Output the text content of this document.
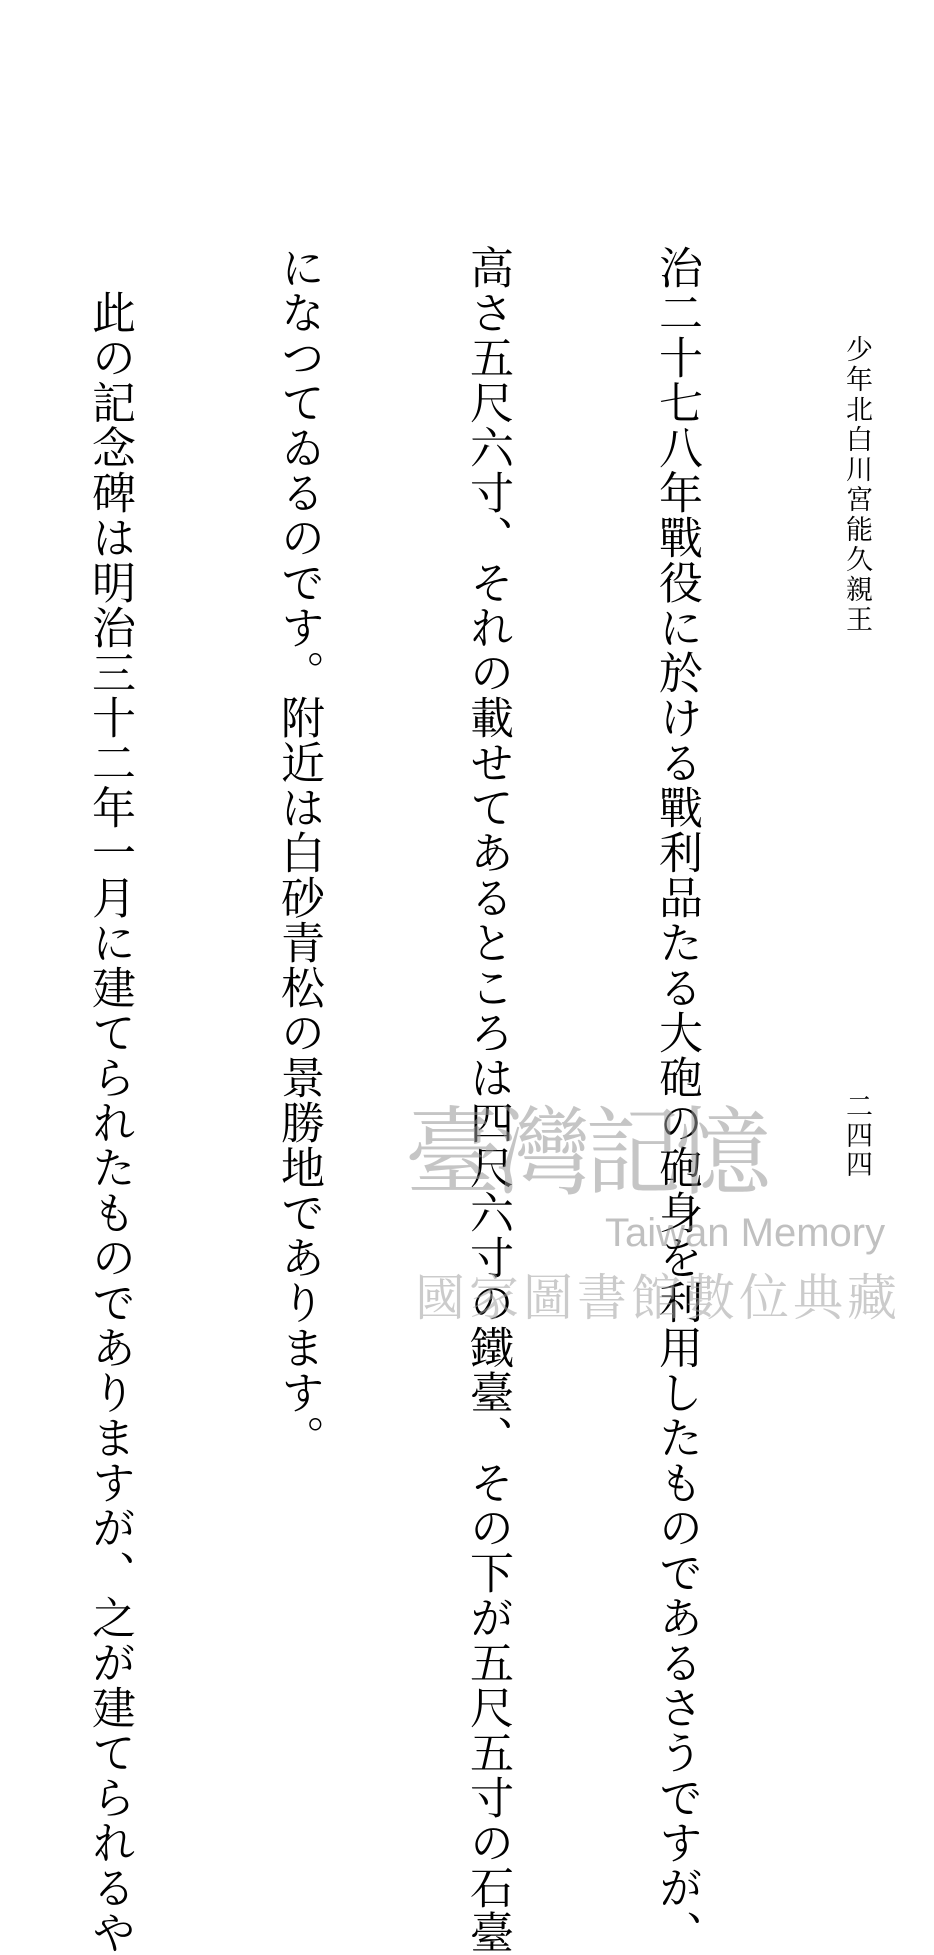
少年北白川宮能久親王
二四四

治二十七八年戰役に於ける戰利品たる大砲の砲身を利用したものであるさうですが、

高さ五尺六寸、それの載せてあるところは四尺六寸の鐵臺、その下が五尺五寸の石臺

になつてゐるのです。附近は白砂青松の景勝地であります。

　此の記念碑は明治三十二年一月に建てられたものでありますが、之が建てられるや

	臺灣記憶
Taiwan Memory
國家圖書館數位典藏
